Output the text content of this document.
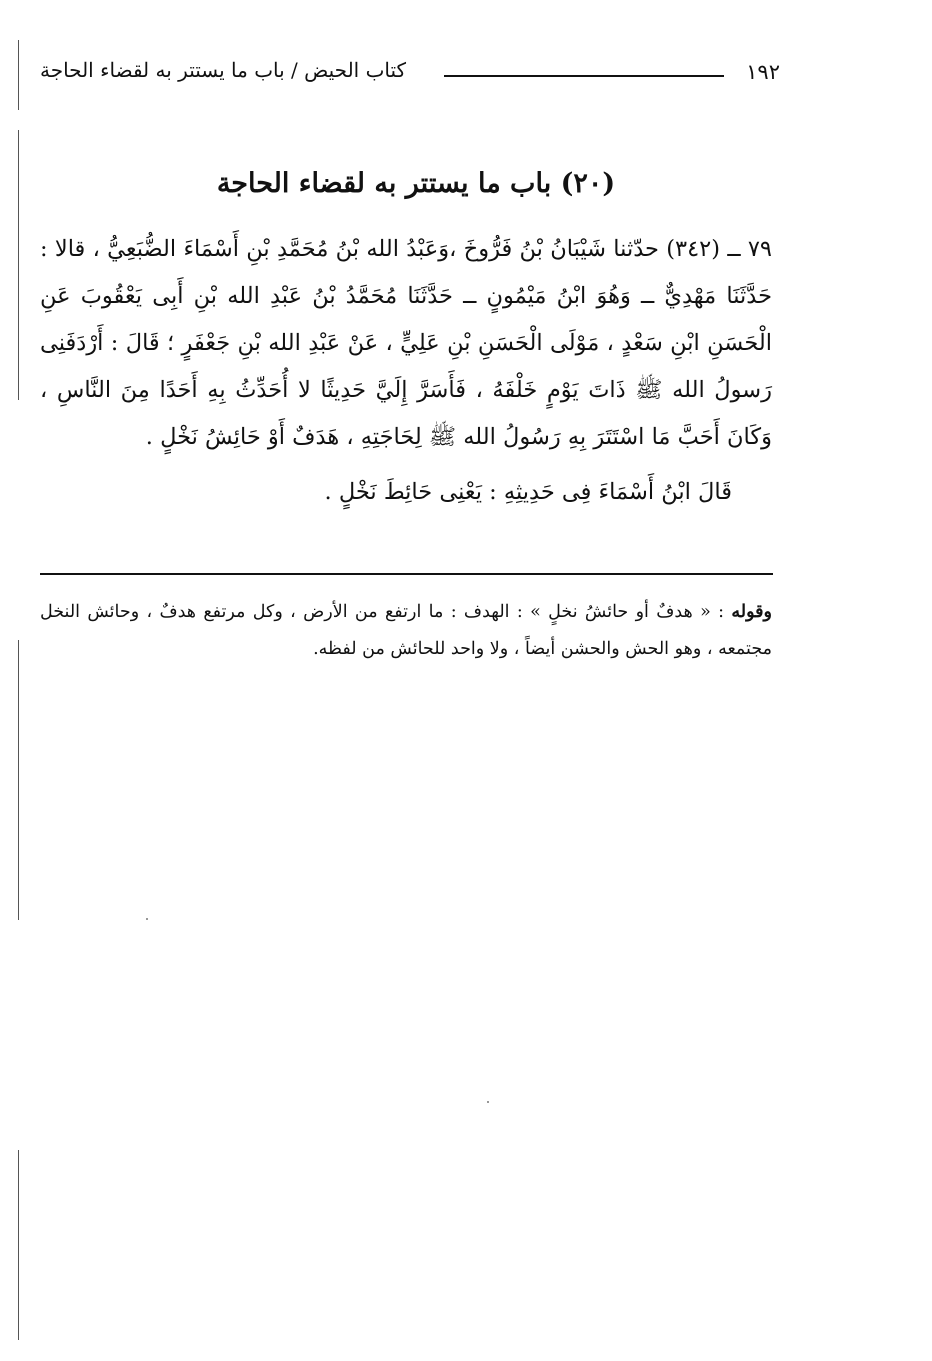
١٩٢
كتاب الحيض / باب ما يستتر به لقضاء الحاجة
(٢٠) باب ما يستتر به لقضاء الحاجة

٧٩ ــ (٣٤٢) حدّثنا شَيْبَانُ بْنُ فَرُّوخَ ،وَعَبْدُ الله بْنُ مُحَمَّدِ بْنِ أَسْمَاءَ الضُّبَعِيُّ ، قالا : حَدَّثَنَا مَهْدِيٌّ ــ وَهُوَ ابْنُ مَيْمُونٍ ــ حَدَّثَنَا مُحَمَّدُ بْنُ عَبْدِ الله بْنِ أَبِى يَعْقُوبَ عَنِ الْحَسَنِ ابْنِ سَعْدٍ ، مَوْلَى الْحَسَنِ بْنِ عَلِيٍّ ، عَنْ عَبْدِ الله بْنِ جَعْفَرٍ ؛ قَالَ : أَرْدَفَنِى رَسولُ الله ﷺ ذَاتَ يَوْمٍ خَلْفَهُ ، فَأَسَرَّ إِلَيَّ حَدِيثًا لا أُحَدِّثُ بِهِ أَحَدًا مِنَ النَّاسِ ، وَكَانَ أَحَبَّ مَا اسْتَتَرَ بِهِ رَسُولُ الله ﷺ لِحَاجَتِهِ ، هَدَفٌ أَوْ حَائِشُ نَخْلٍ .

قَالَ ابْنُ أَسْمَاءَ فِى حَدِيثِهِ : يَعْنِى حَائِطَ نَخْلٍ .

وقوله : « هدفٌ أو حائشُ نخلٍ » : الهدف : ما ارتفع من الأرض ، وكل مرتفع هدفٌ ، وحائش النخل مجتمعه ، وهو الحش والحشن أيضاً ، ولا واحد للحائش من لفظه.
